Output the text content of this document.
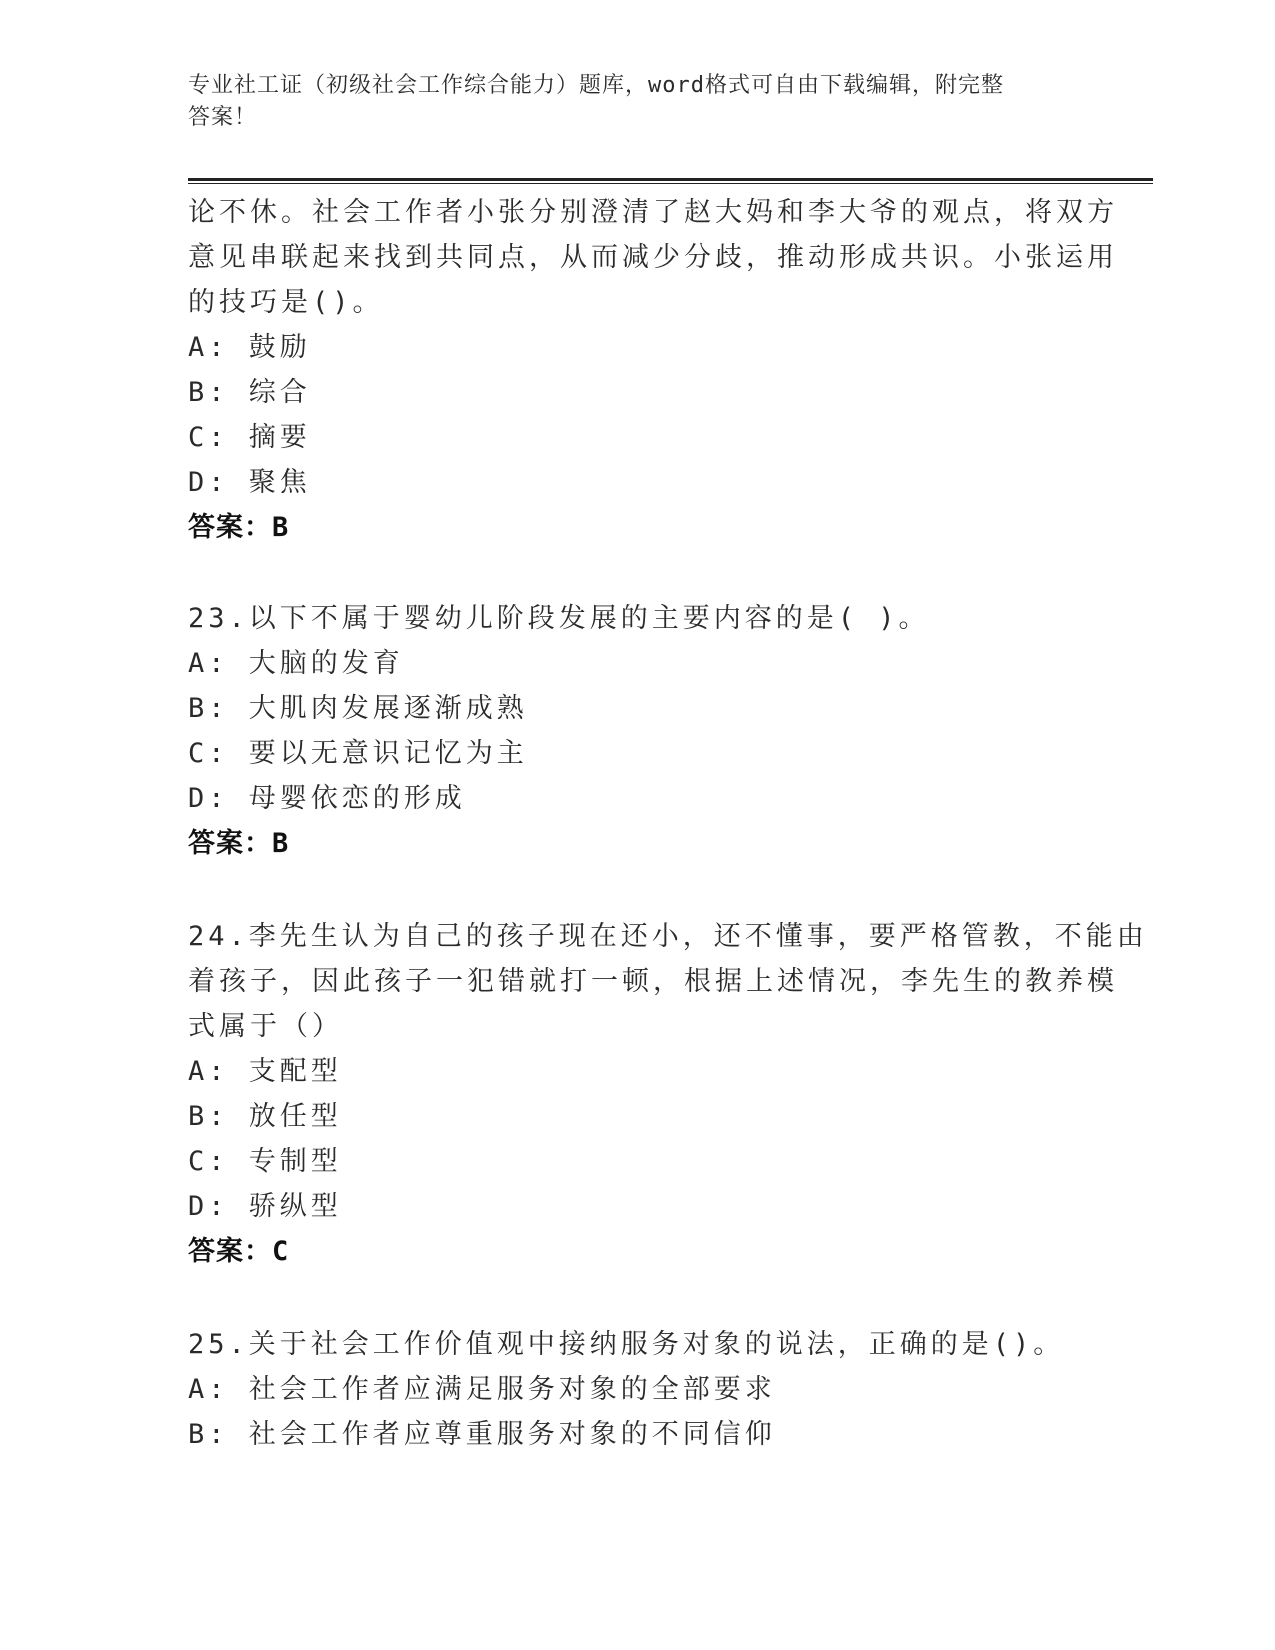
专业社工证（初级社会工作综合能力）题库，word格式可自由下载编辑，附完整
答案！
论不休。社会工作者小张分别澄清了赵大妈和李大爷的观点，将双方
意见串联起来找到共同点，从而减少分歧，推动形成共识。小张运用
的技巧是()。
A: 鼓励
B: 综合
C: 摘要
D: 聚焦
答案：B
23.以下不属于婴幼儿阶段发展的主要内容的是( )。
A: 大脑的发育
B: 大肌肉发展逐渐成熟
C: 要以无意识记忆为主
D: 母婴依恋的形成
答案：B
24.李先生认为自己的孩子现在还小，还不懂事，要严格管教，不能由
着孩子，因此孩子一犯错就打一顿，根据上述情况，李先生的教养模
式属于（）
A: 支配型
B: 放任型
C: 专制型
D: 骄纵型
答案：C
25.关于社会工作价值观中接纳服务对象的说法，正确的是()。
A: 社会工作者应满足服务对象的全部要求
B: 社会工作者应尊重服务对象的不同信仰
